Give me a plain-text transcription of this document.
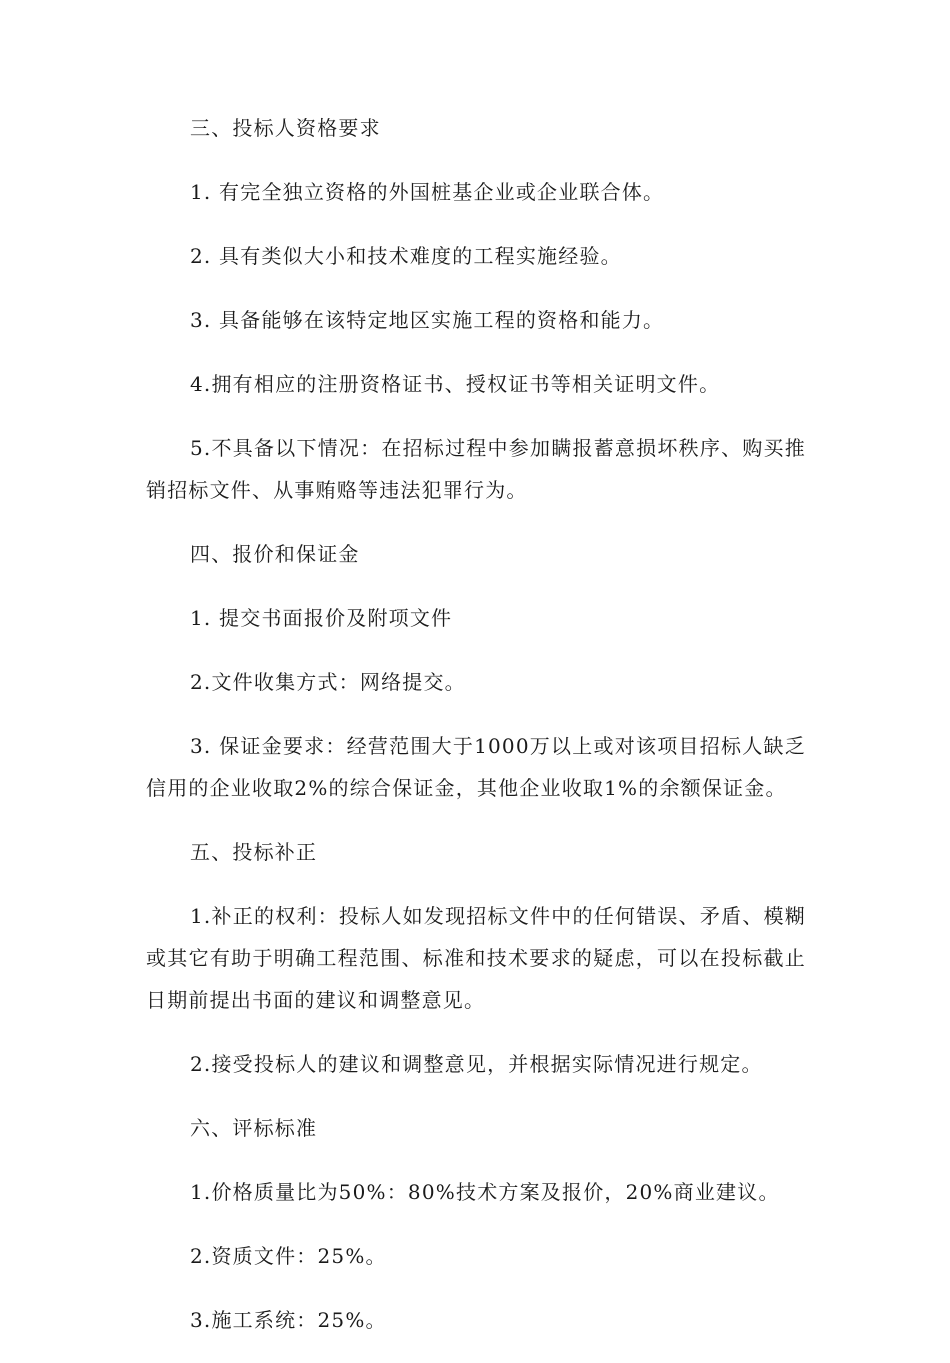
三、投标人资格要求

1. 有完全独立资格的外国桩基企业或企业联合体。

2. 具有类似大小和技术难度的工程实施经验。

3. 具备能够在该特定地区实施工程的资格和能力。

4.拥有相应的注册资格证书、授权证书等相关证明文件。

5.不具备以下情况：在招标过程中参加瞒报蓄意损坏秩序、购买推销招标文件、从事贿赂等违法犯罪行为。

四、报价和保证金

1. 提交书面报价及附项文件

2.文件收集方式：网络提交。

3. 保证金要求：经营范围大于1000万以上或对该项目招标人缺乏信用的企业收取2%的综合保证金，其他企业收取1%的余额保证金。

五、投标补正

1.补正的权利：投标人如发现招标文件中的任何错误、矛盾、模糊或其它有助于明确工程范围、标准和技术要求的疑虑，可以在投标截止日期前提出书面的建议和调整意见。

2.接受投标人的建议和调整意见，并根据实际情况进行规定。

六、评标标准

1.价格质量比为50%：80%技术方案及报价，20%商业建议。

2.资质文件：25%。

3.施工系统：25%。
